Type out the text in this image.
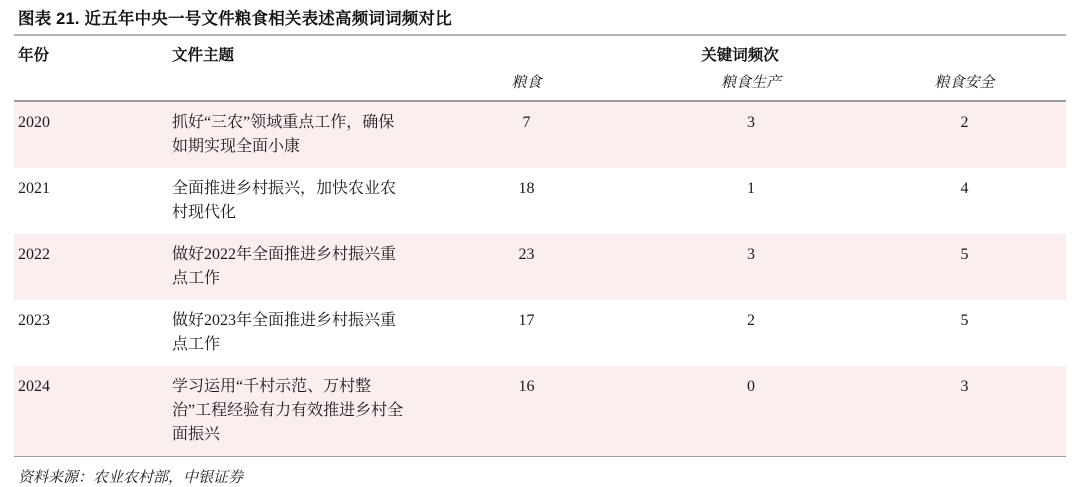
图表 21. 近五年中央一号文件粮食相关表述高频词词频对比
年份	文件主题	关键词频次		
		粮食	粮食生产	粮食安全

2020	抓好“三农”领域重点工作，确保如期实现全面小康	7	3	2
2021	全面推进乡村振兴，加快农业农村现代化	18	1	4
2022	做好2022年全面推进乡村振兴重点工作	23	3	5
2023	做好2023年全面推进乡村振兴重点工作	17	2	5
2024	学习运用“千村示范、万村整治”工程经验有力有效推进乡村全面振兴	16	0	3
资料来源：农业农村部，中银证券
